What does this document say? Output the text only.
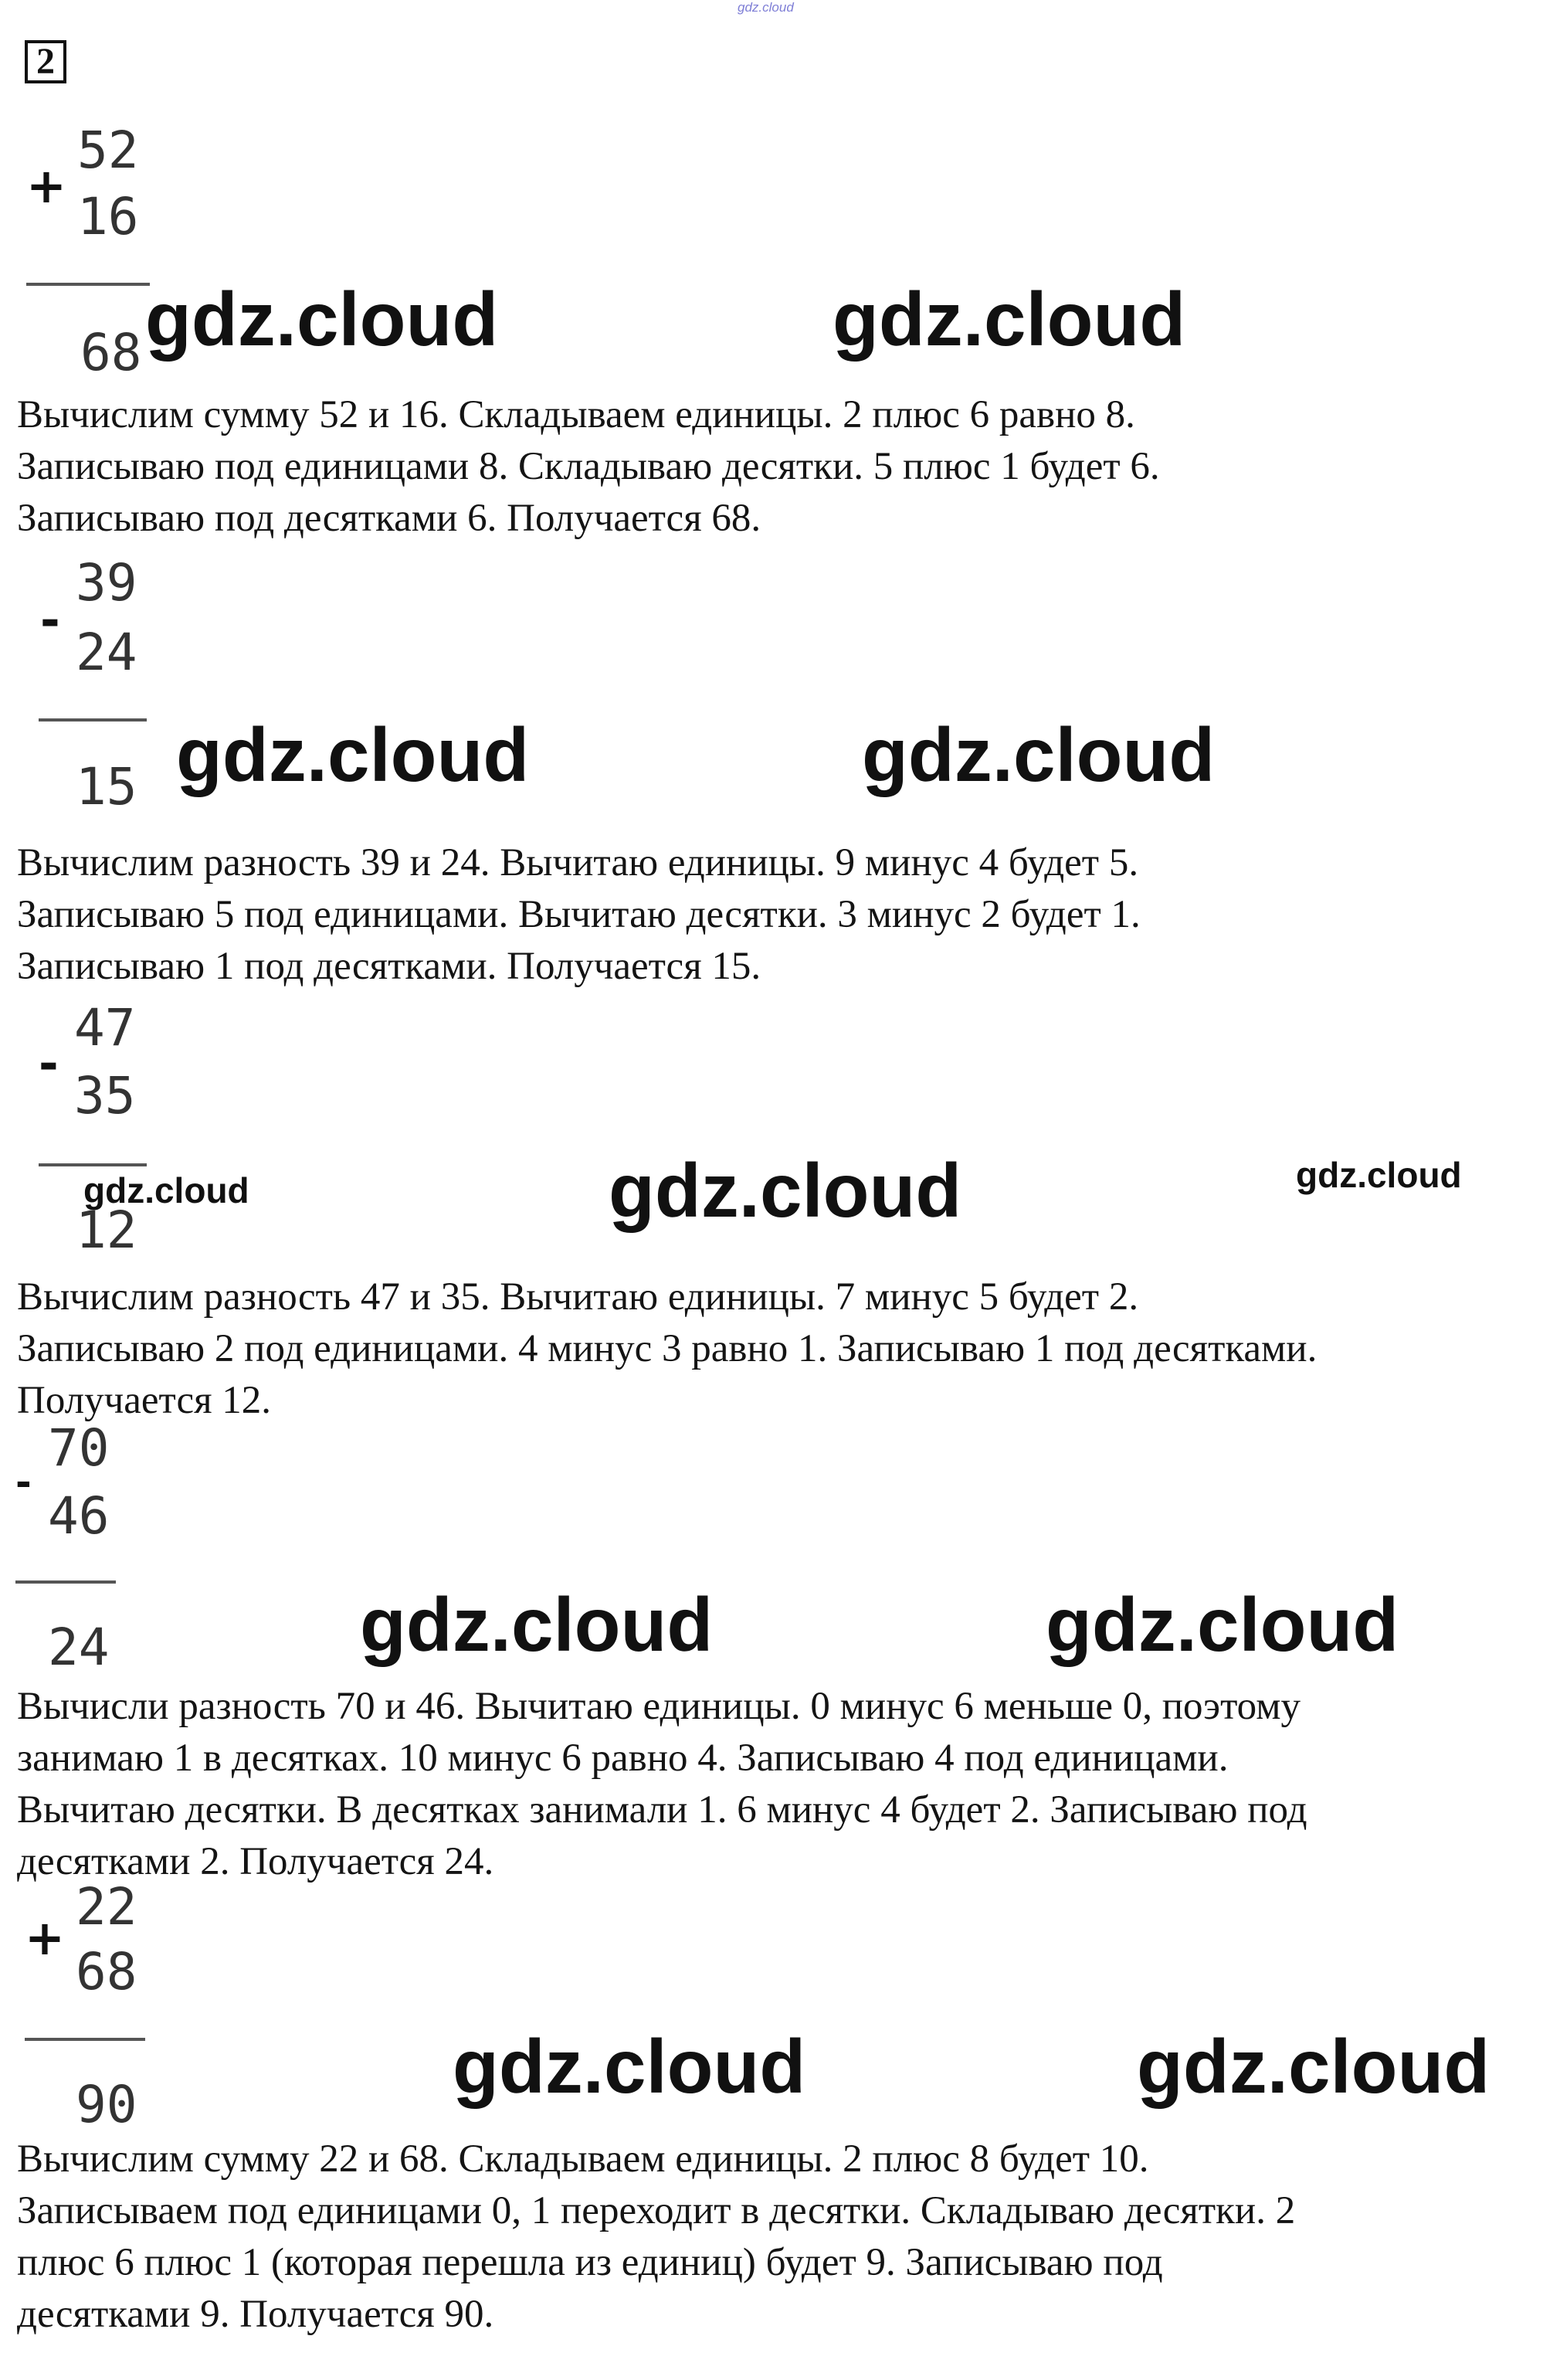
gdz.cloud
2
+
52
16
68 gdz.cloud	gdz.cloud
Вычислим сумму 52 и 16. Складываем единицы. 2 плюс 6 равно 8.
Записываю под единицами 8. Складываю десятки. 5 плюс 1 будет 6.
Записываю под десятками 6. Получается 68.
-
39
24
15 gdz.cloud	gdz.cloud
Вычислим разность 39 и 24. Вычитаю единицы. 9 минус 4 будет 5.
Записываю 5 под единицами. Вычитаю десятки. 3 минус 2 будет 1.
Записываю 1 под десятками. Получается 15.
-
47
35
12
gdz.cloud	gdz.cloud	gdz.cloud
Вычислим разность 47 и 35. Вычитаю единицы. 7 минус 5 будет 2.
Записываю 2 под единицами. 4 минус 3 равно 1. Записываю 1 под десятками.
Получается 12.
-
70
46
24	gdz.cloud	gdz.cloud
Вычисли разность 70 и 46. Вычитаю единицы. 0 минус 6 меньше 0, поэтому
занимаю 1 в десятках. 10 минус 6 равно 4. Записываю 4 под единицами.
Вычитаю десятки. В десятках занимали 1. 6 минус 4 будет 2. Записываю под
десятками 2. Получается 24.
+
22
68
90	gdz.cloud	gdz.cloud
Вычислим сумму 22 и 68. Складываем единицы. 2 плюс 8 будет 10.
Записываем под единицами 0, 1 переходит в десятки. Складываю десятки. 2
плюс 6 плюс 1 (которая перешла из единиц) будет 9. Записываю под
десятками 9. Получается 90.
